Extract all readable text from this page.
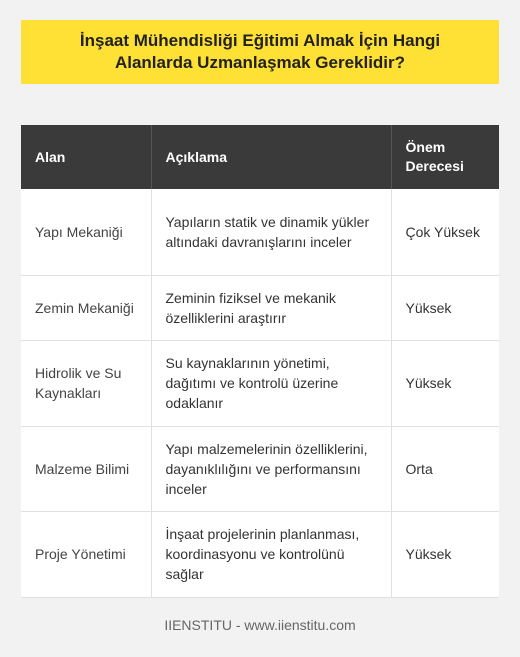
İnşaat Mühendisliği Eğitimi Almak İçin Hangi Alanlarda Uzmanlaşmak Gereklidir?
Alan	Açıklama	Önem Derecesi
Yapı Mekaniği	Yapıların statik ve dinamik yükler altındaki davranışlarını inceler	Çok Yüksek
Zemin Mekaniği	Zeminin fiziksel ve mekanik özelliklerini araştırır	Yüksek
Hidrolik ve Su Kaynakları	Su kaynaklarının yönetimi, dağıtımı ve kontrolü üzerine odaklanır	Yüksek
Malzeme Bilimi	Yapı malzemelerinin özelliklerini, dayanıklılığını ve performansını inceler	Orta
Proje Yönetimi	İnşaat projelerinin planlanması, koordinasyonu ve kontrolünü sağlar	Yüksek
IIENSTITU - www.iienstitu.com
